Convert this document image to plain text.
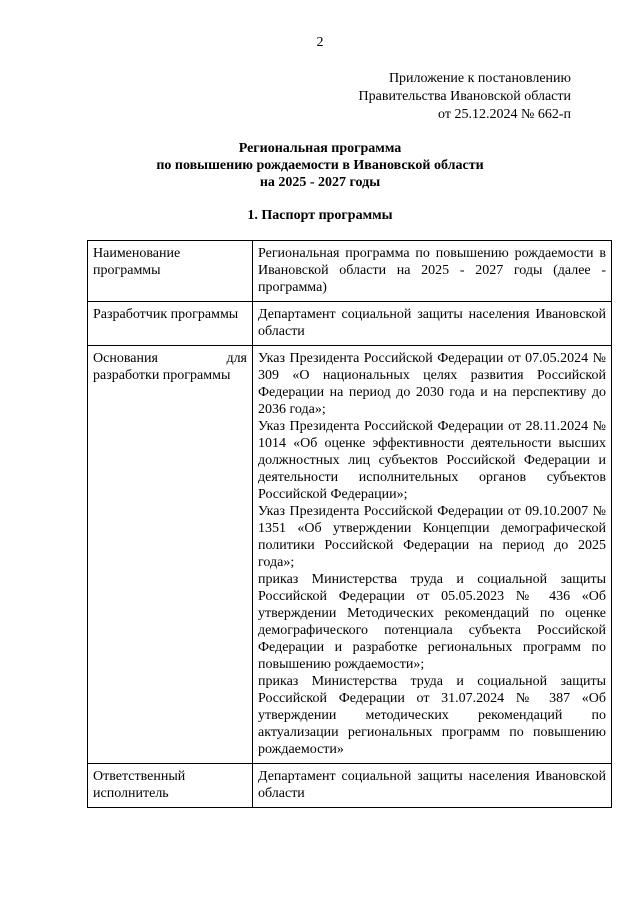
2
Приложение к постановлению
Правительства Ивановской области
от 25.12.2024 № 662-п
Региональная программа
по повышению рождаемости в Ивановской области
на 2025 - 2027 годы
1. Паспорт программы
Наименование программы	Региональная программа по повышению рождаемости в Ивановской области на 2025 - 2027 годы (далее - программа)

Разработчик программы	Департамент социальной защиты населения Ивановской области

Основания для разработки программы	Указ Президента Российской Федерации от 07.05.2024 № 309 «О национальных целях развития Российской Федерации на период до 2030 года и на перспективу до 2036 года»;
Указ Президента Российской Федерации от 28.11.2024 № 1014 «Об оценке эффективности деятельности высших должностных лиц субъектов Российской Федерации и деятельности исполнительных органов субъектов Российской Федерации»;
Указ Президента Российской Федерации от 09.10.2007 № 1351 «Об утверждении Концепции демографической политики Российской Федерации на период до 2025 года»;
приказ Министерства труда и социальной защиты Российской Федерации от 05.05.2023 № 436 «Об утверждении Методических рекомендаций по оценке демографического потенциала субъекта Российской Федерации и разработке региональных программ по повышению рождаемости»;
приказ Министерства труда и социальной защиты Российской Федерации от 31.07.2024 № 387 «Об утверждении методических рекомендаций по актуализации региональных программ по повышению рождаемости»

Ответственный исполнитель	Департамент социальной защиты населения Ивановской области
